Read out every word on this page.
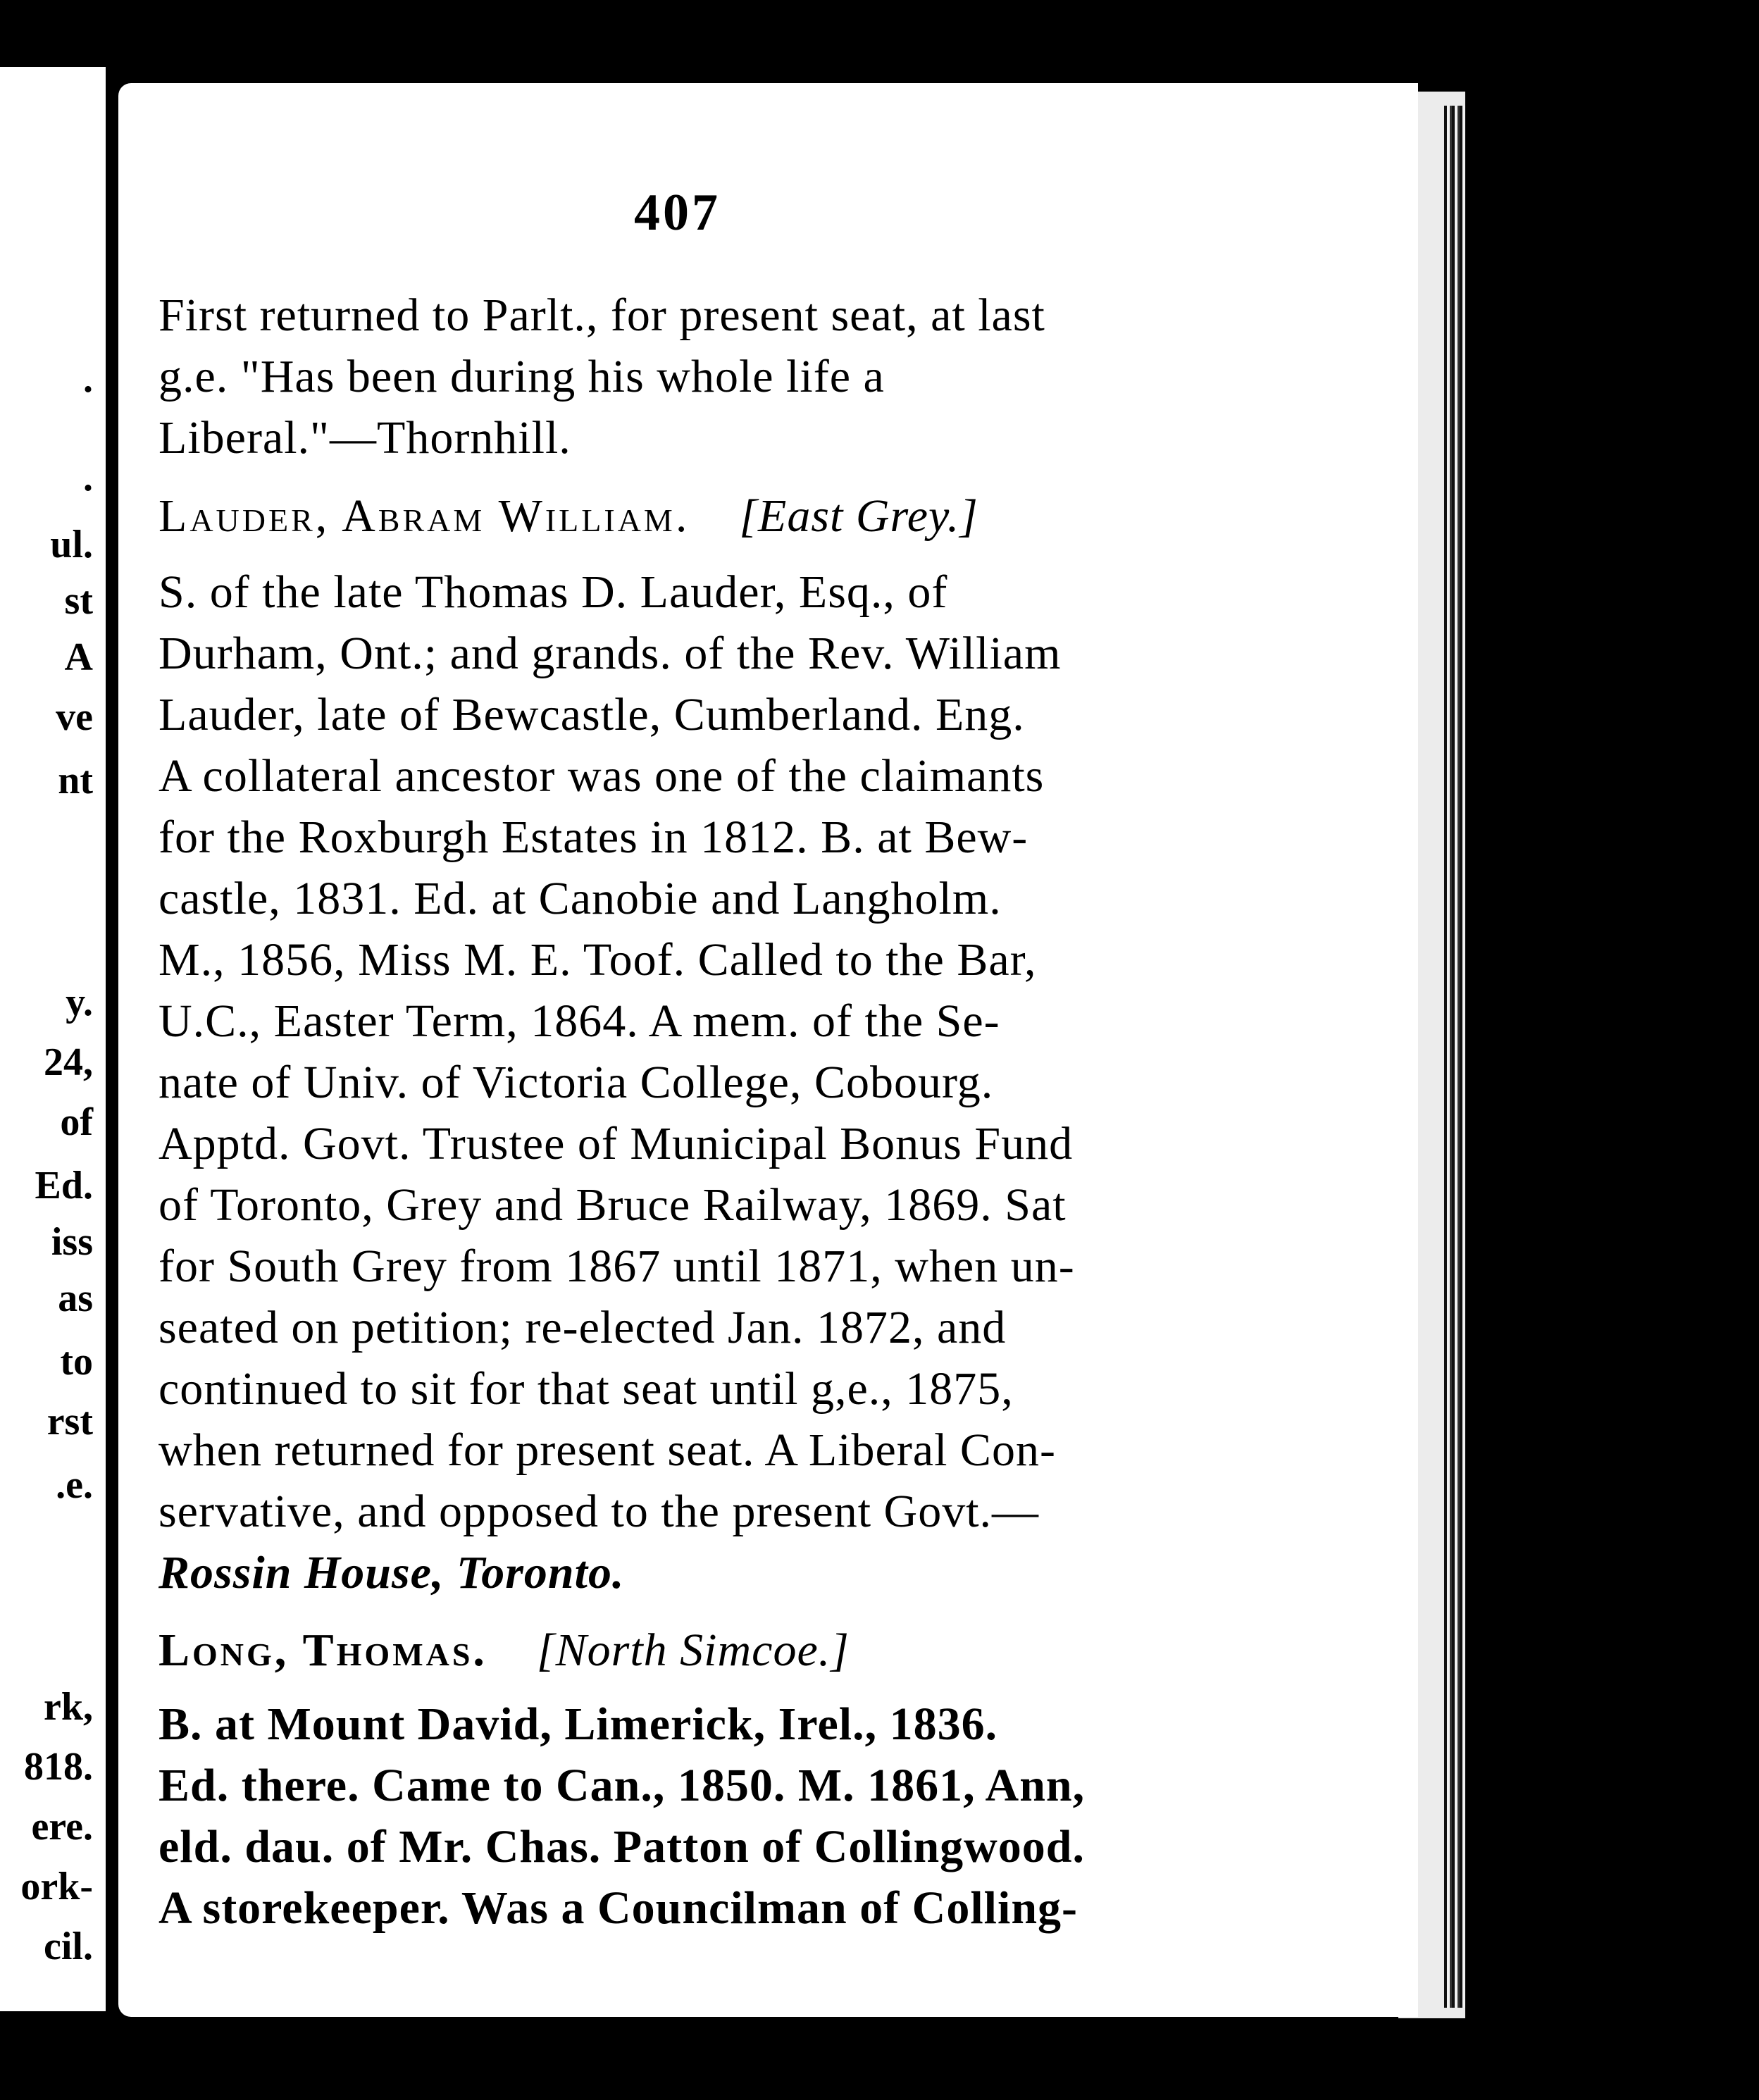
.
.
ul.
st
A
ve
nt
y.
24,
of
Ed.
iss
as
to
rst
.e.
rk,
818.
ere.
ork-
cil.
407
First returned to Parlt., for present seat, at last
g.e. "Has been during his whole life a
Liberal."—Thornhill.
Lauder, Abram William. [East Grey.]
S. of the late Thomas D. Lauder, Esq., of
Durham, Ont.; and grands. of the Rev. William
Lauder, late of Bewcastle, Cumberland. Eng.
A collateral ancestor was one of the claimants
for the Roxburgh Estates in 1812. B. at Bew-
castle, 1831. Ed. at Canobie and Langholm.
M., 1856, Miss M. E. Toof. Called to the Bar,
U.C., Easter Term, 1864. A mem. of the Se-
nate of Univ. of Victoria College, Cobourg.
Apptd. Govt. Trustee of Municipal Bonus Fund
of Toronto, Grey and Bruce Railway, 1869. Sat
for South Grey from 1867 until 1871, when un-
seated on petition; re-elected Jan. 1872, and
continued to sit for that seat until g,e., 1875,
when returned for present seat. A Liberal Con-
servative, and opposed to the present Govt.—
Rossin House, Toronto.
Long, Thomas. [North Simcoe.]
B. at Mount David, Limerick, Irel., 1836.
Ed. there. Came to Can., 1850. M. 1861, Ann,
eld. dau. of Mr. Chas. Patton of Collingwood.
A storekeeper. Was a Councilman of Colling-
